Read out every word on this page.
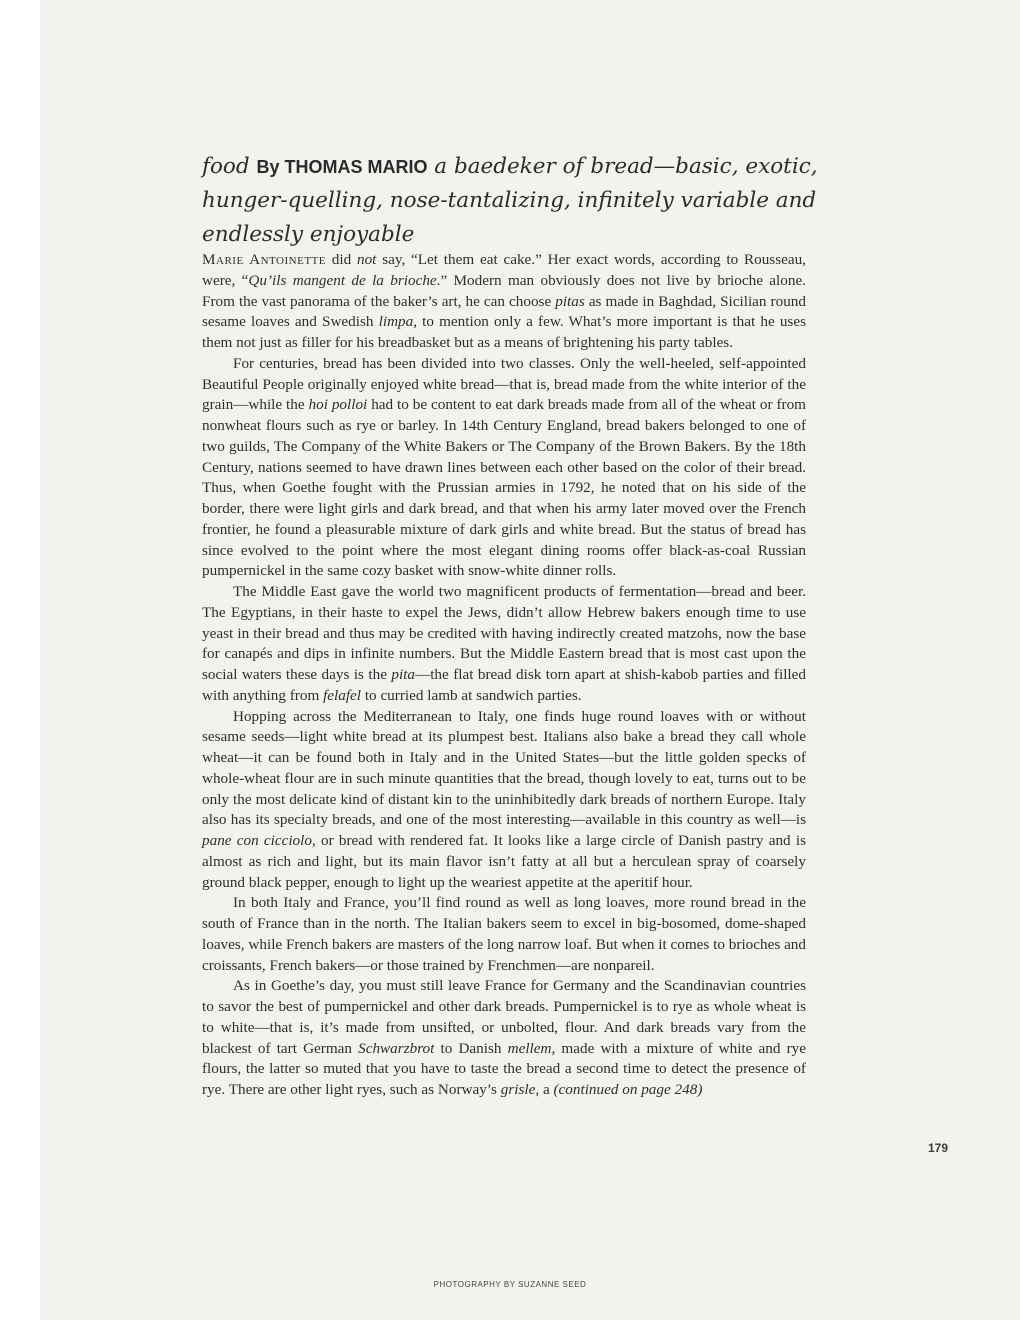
food By THOMAS MARIO a baedeker of bread—basic, exotic, hunger-quelling, nose-tantalizing, infinitely variable and endlessly enjoyable

Marie Antoinette did not say, “Let them eat cake.” Her exact words, according to Rousseau, were, “Qu’ils mangent de la brioche.” Modern man obviously does not live by brioche alone. From the vast panorama of the baker’s art, he can choose pitas as made in Baghdad, Sicilian round sesame loaves and Swedish limpa, to mention only a few. What’s more important is that he uses them not just as filler for his breadbasket but as a means of brightening his party tables.

For centuries, bread has been divided into two classes. Only the well-heeled, self-appointed Beautiful People originally enjoyed white bread—that is, bread made from the white interior of the grain—while the hoi polloi had to be content to eat dark breads made from all of the wheat or from nonwheat flours such as rye or barley. In 14th Century England, bread bakers belonged to one of two guilds, The Company of the White Bakers or The Company of the Brown Bakers. By the 18th Century, nations seemed to have drawn lines between each other based on the color of their bread. Thus, when Goethe fought with the Prussian armies in 1792, he noted that on his side of the border, there were light girls and dark bread, and that when his army later moved over the French frontier, he found a pleasurable mixture of dark girls and white bread. But the status of bread has since evolved to the point where the most elegant dining rooms offer black-as-coal Russian pumpernickel in the same cozy basket with snow-white dinner rolls.

The Middle East gave the world two magnificent products of fermentation—bread and beer. The Egyptians, in their haste to expel the Jews, didn’t allow Hebrew bakers enough time to use yeast in their bread and thus may be credited with having indirectly created matzohs, now the base for canapés and dips in infinite numbers. But the Middle Eastern bread that is most cast upon the social waters these days is the pita—the flat bread disk torn apart at shish-kabob parties and filled with anything from felafel to curried lamb at sandwich parties.

Hopping across the Mediterranean to Italy, one finds huge round loaves with or without sesame seeds—light white bread at its plumpest best. Italians also bake a bread they call whole wheat—it can be found both in Italy and in the United States—but the little golden specks of whole-wheat flour are in such minute quantities that the bread, though lovely to eat, turns out to be only the most delicate kind of distant kin to the uninhibitedly dark breads of northern Europe. Italy also has its specialty breads, and one of the most interesting—available in this country as well—is pane con cicciolo, or bread with rendered fat. It looks like a large circle of Danish pastry and is almost as rich and light, but its main flavor isn’t fatty at all but a herculean spray of coarsely ground black pepper, enough to light up the weariest appetite at the aperitif hour.

In both Italy and France, you’ll find round as well as long loaves, more round bread in the south of France than in the north. The Italian bakers seem to excel in big-bosomed, dome-shaped loaves, while French bakers are masters of the long narrow loaf. But when it comes to brioches and croissants, French bakers—or those trained by Frenchmen—are nonpareil.

As in Goethe’s day, you must still leave France for Germany and the Scandinavian countries to savor the best of pumpernickel and other dark breads. Pumpernickel is to rye as whole wheat is to white—that is, it’s made from unsifted, or unbolted, flour. And dark breads vary from the blackest of tart German Schwarzbrot to Danish mellem, made with a mixture of white and rye flours, the latter so muted that you have to taste the bread a second time to detect the presence of rye. There are other light ryes, such as Norway’s grisle, a (continued on page 248)

179
PHOTOGRAPHY BY SUZANNE SEED
